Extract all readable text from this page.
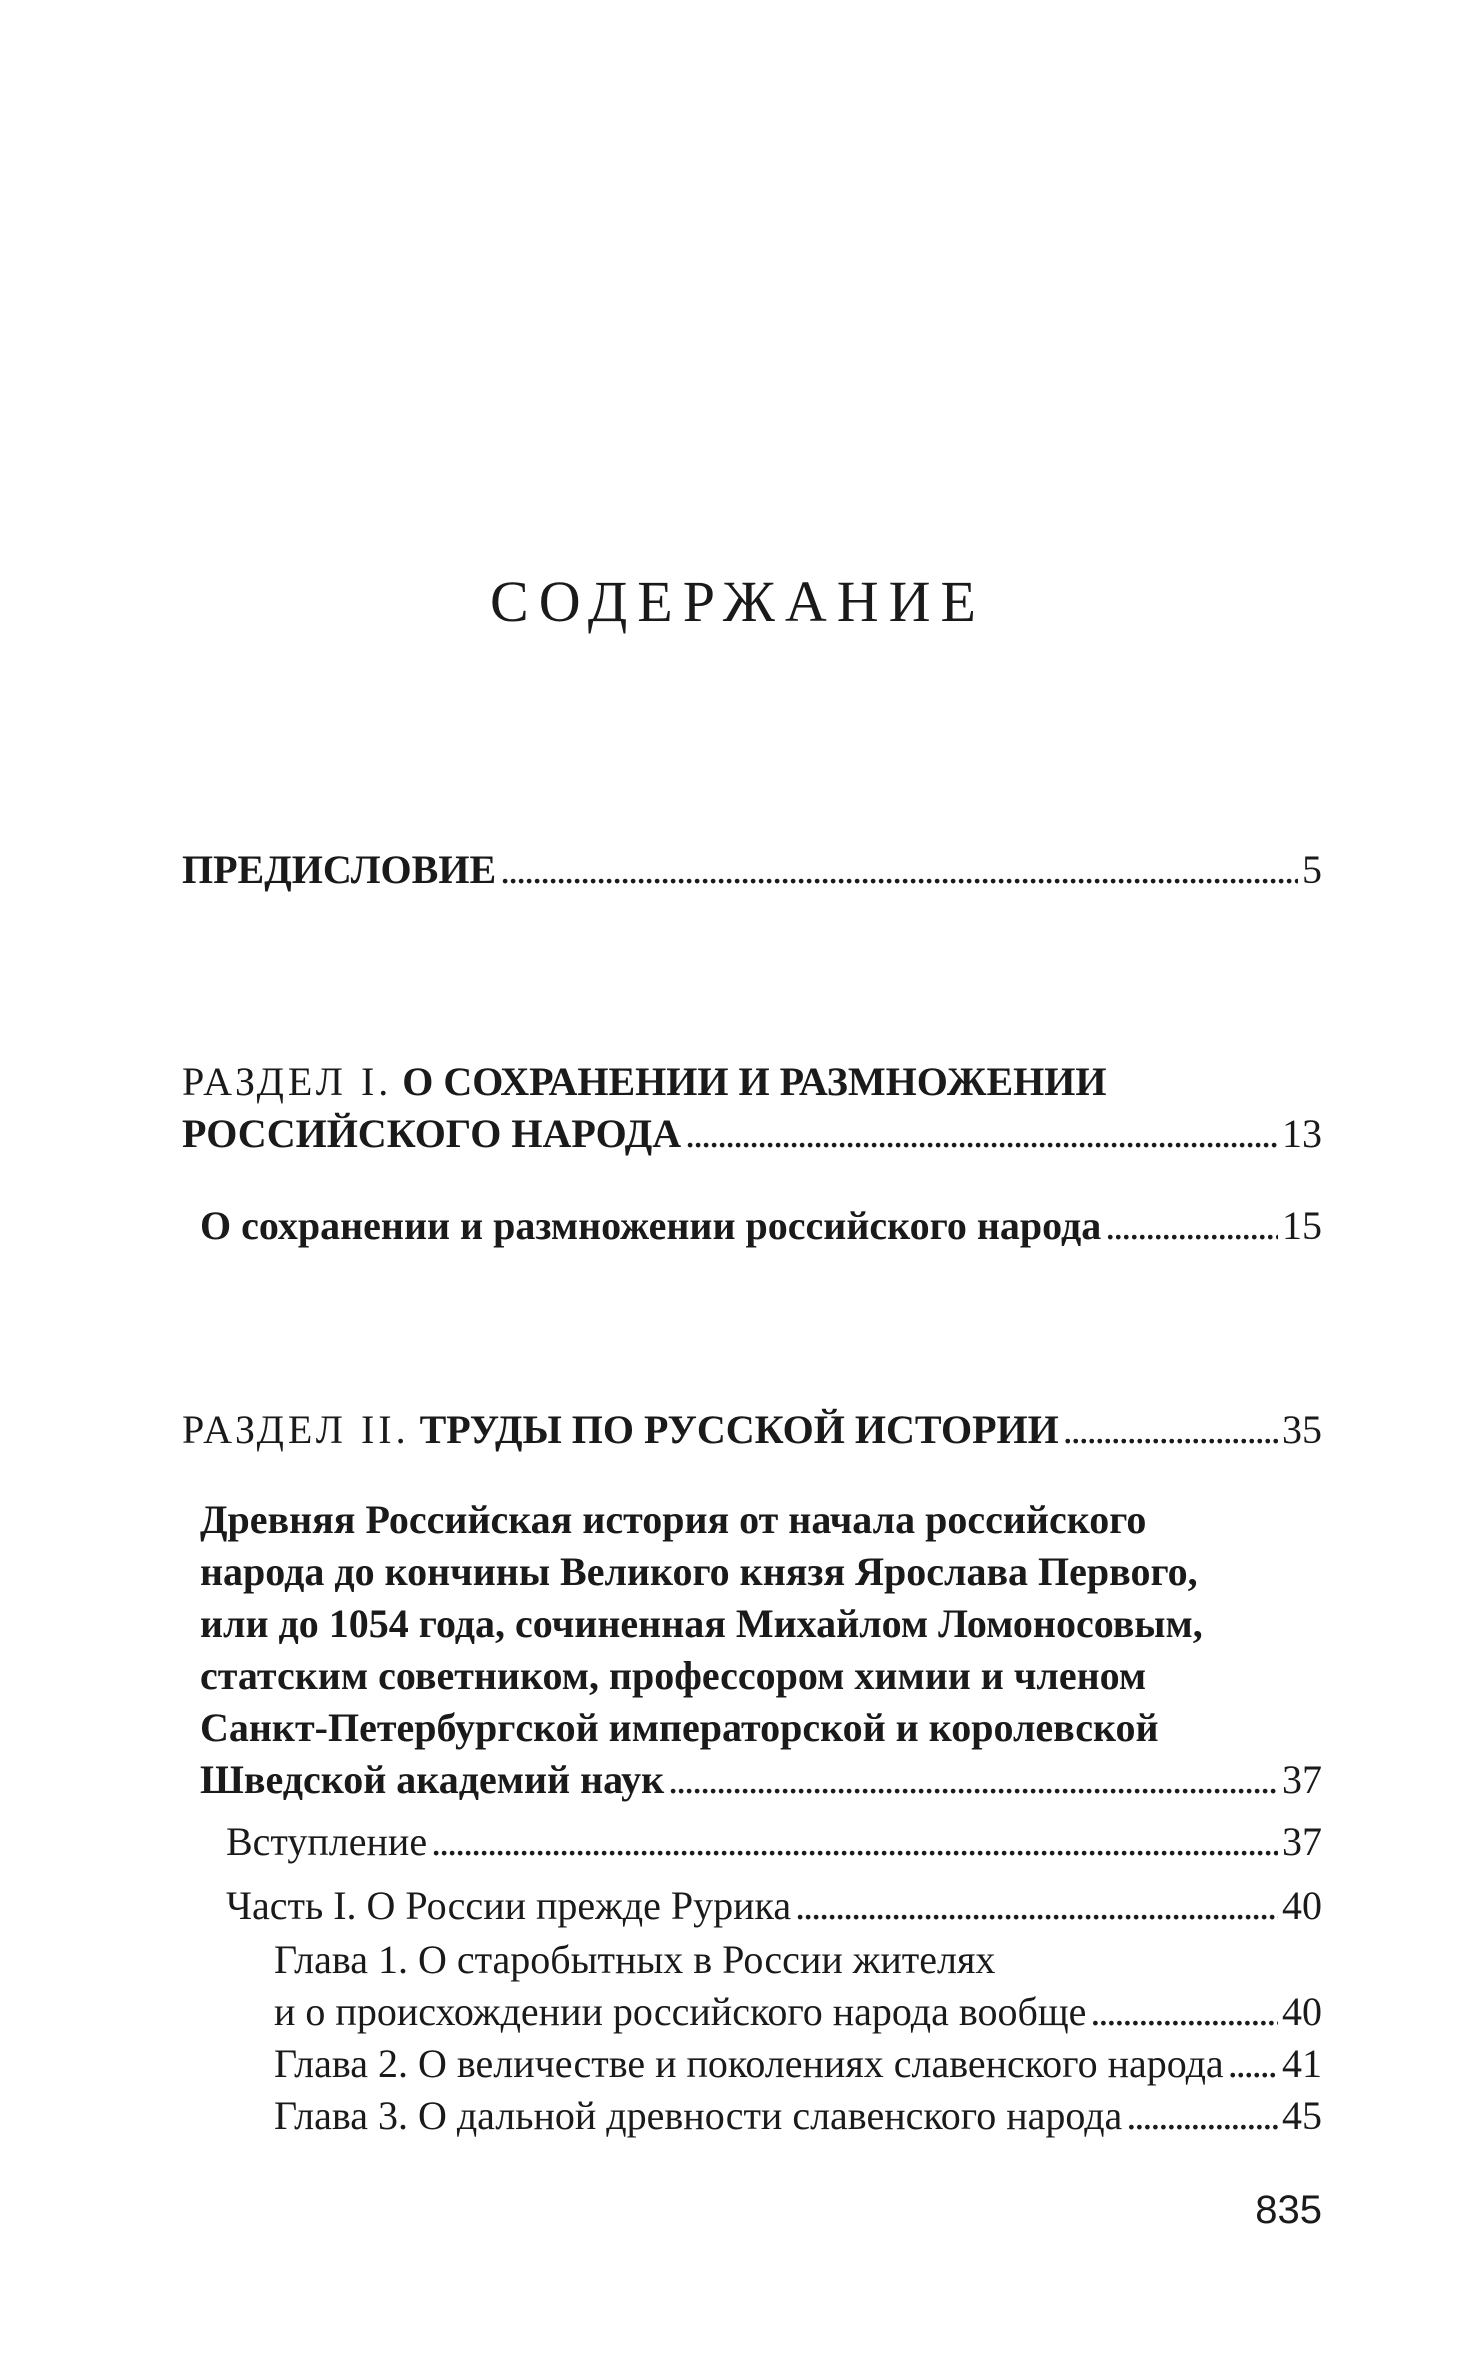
СОДЕРЖАНИЕ
ПРЕДИСЛОВИЕ . . .	5
РАЗДЕЛ I. О СОХРАНЕНИИ И РАЗМНОЖЕНИИ
РОССИЙСКОГО НАРОДА . . .	13
О сохранении и размножении российского народа . . .	15
РАЗДЕЛ II. ТРУДЫ ПО РУССКОЙ ИСТОРИИ . . .	35
Древняя Российская история от начала российского
народа до кончины Великого князя Ярослава Первого,
или до 1054 года, сочиненная Михайлом Ломоносовым,
статским советником, профессором химии и членом
Санкт-Петербургской императорской и королевской
Шведской академий наук . . .	37
Вступление . . .	37
Часть I. О России прежде Рурика . . .	40
Глава 1. О старобытных в России жителях
и о происхождении российского народа вообще . . .	40
Глава 2. О величестве и поколениях славенского народа . . . 41
Глава 3. О дальной древности славенского народа . . .	45
835
